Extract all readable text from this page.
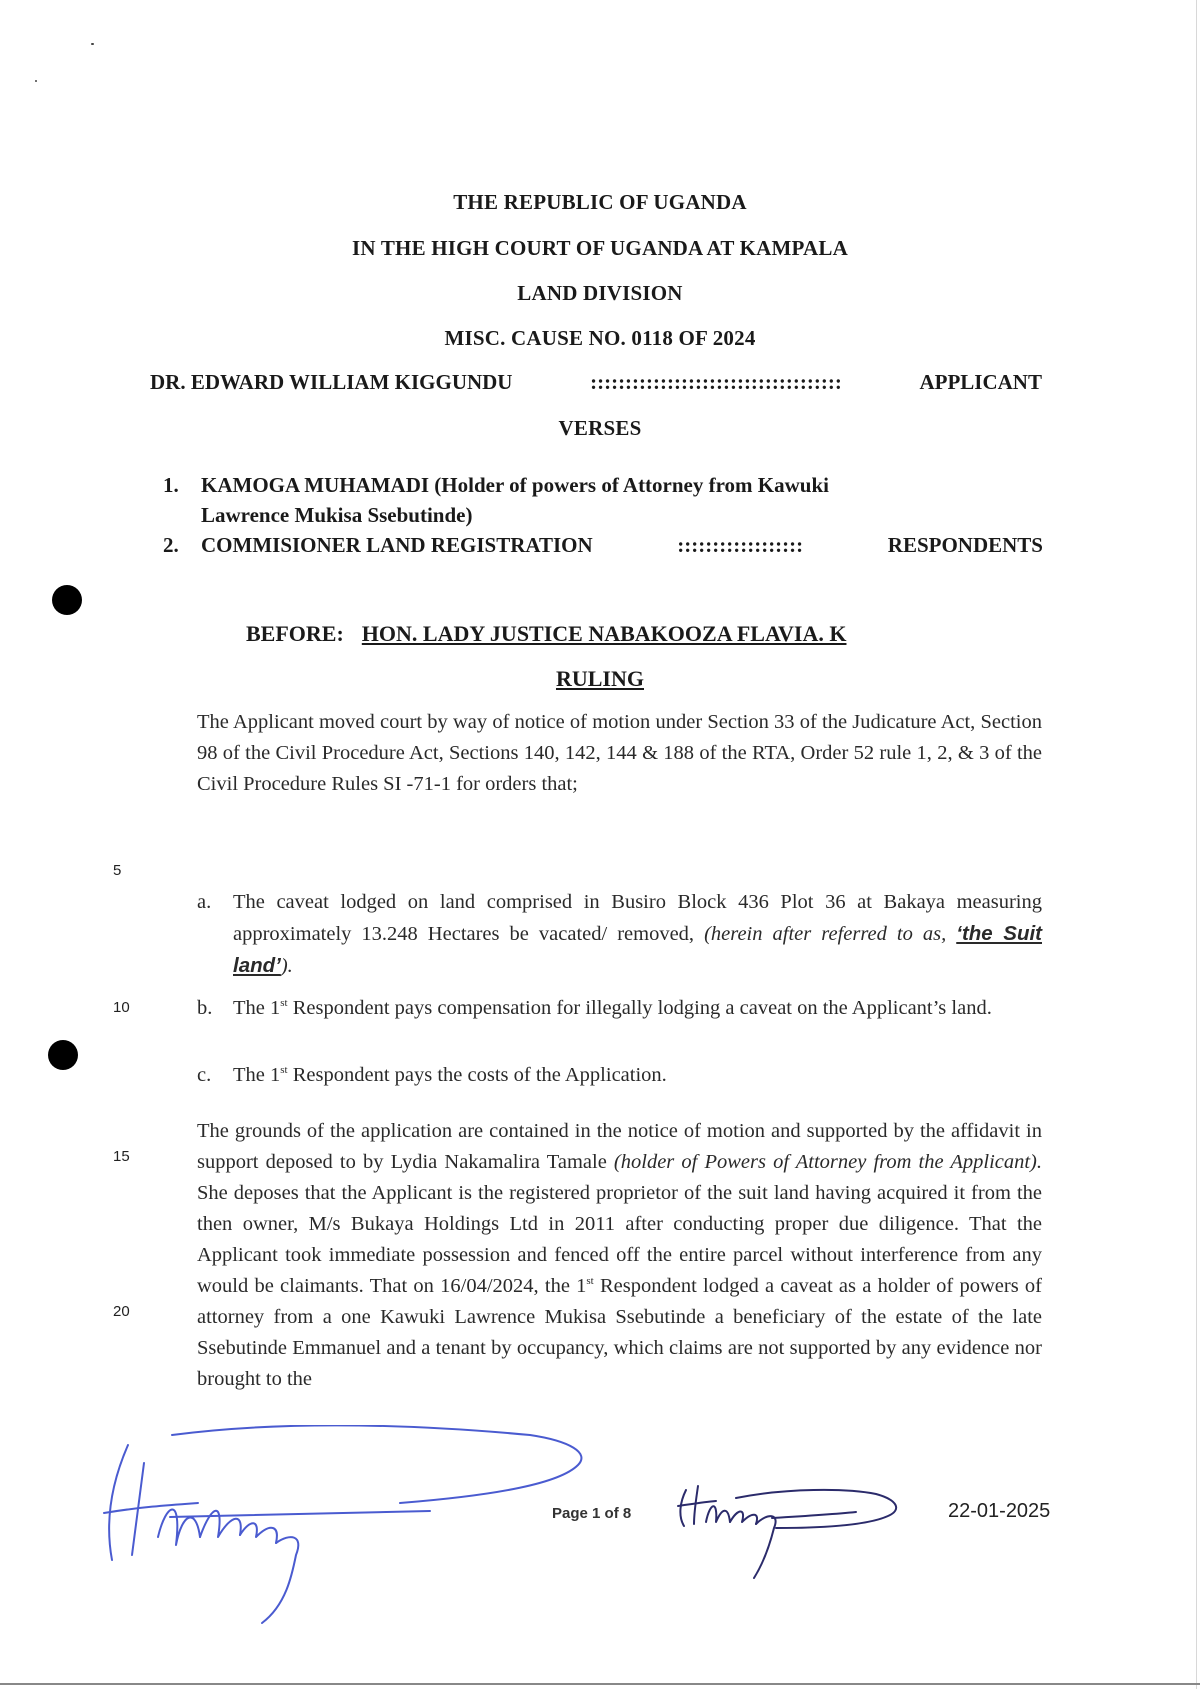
THE REPUBLIC OF UGANDA
IN THE HIGH COURT OF UGANDA AT KAMPALA
LAND DIVISION
MISC. CAUSE NO. 0118 OF 2024
DR. EDWARD WILLIAM KIGGUNDU	::::::::::::::::::::::::::::::::::::	APPLICANT
VERSES
1. KAMOGA MUHAMADI (Holder of powers of Attorney from Kawuki
Lawrence Mukisa Ssebutinde)
2. COMMISIONER LAND REGISTRATION	::::::::::::::::::	RESPONDENTS
BEFORE: HON. LADY JUSTICE NABAKOOZA FLAVIA. K
RULING

The Applicant moved court by way of notice of motion under Section 33 of the Judicature Act, Section 98 of the Civil Procedure Act, Sections 140, 142, 144 & 188 of the RTA, Order 52 rule 1, 2, & 3 of the Civil Procedure Rules SI -71-1 for orders that;

a. The caveat lodged on land comprised in Busiro Block 436 Plot 36 at Bakaya measuring approximately 13.248 Hectares be vacated/ removed, (herein after referred to as, ‘the Suit land’).
b. The 1st Respondent pays compensation for illegally lodging a caveat on the Applicant’s land.
c. The 1st Respondent pays the costs of the Application.

The grounds of the application are contained in the notice of motion and supported by the affidavit in support deposed to by Lydia Nakamalira Tamale (holder of Powers of Attorney from the Applicant). She deposes that the Applicant is the registered proprietor of the suit land having acquired it from the then owner, M/s Bukaya Holdings Ltd in 2011 after conducting proper due diligence. That the Applicant took immediate possession and fenced off the entire parcel without interference from any would be claimants. That on 16/04/2024, the 1st Respondent lodged a caveat as a holder of powers of attorney from a one Kawuki Lawrence Mukisa Ssebutinde a beneficiary of the estate of the late Ssebutinde Emmanuel and a tenant by occupancy, which claims are not supported by any evidence nor brought to the

5
10
15
20
Page 1 of 8	22-01-2025
